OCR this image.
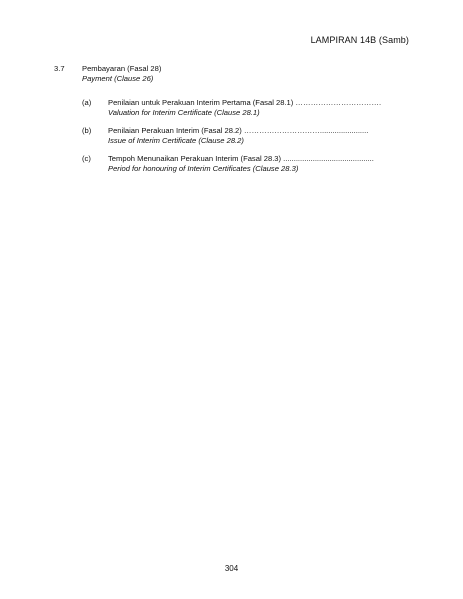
LAMPIRAN 14B (Samb)
3.7	Pembayaran (Fasal 28)
Payment (Clause 26)
(a)	Penilaian untuk Perakuan Interim Pertama (Fasal 28.1) …………………………….
Valuation for Interim Certificate (Clause 28.1)
(b)	Penilaian Perakuan Interim (Fasal 28.2) ………………………….......................
Issue of Interim Certificate (Clause 28.2)
(c)	Tempoh Menunaikan Perakuan Interim (Fasal 28.3) ...........................................
Period for honouring of Interim Certificates (Clause 28.3)
304
